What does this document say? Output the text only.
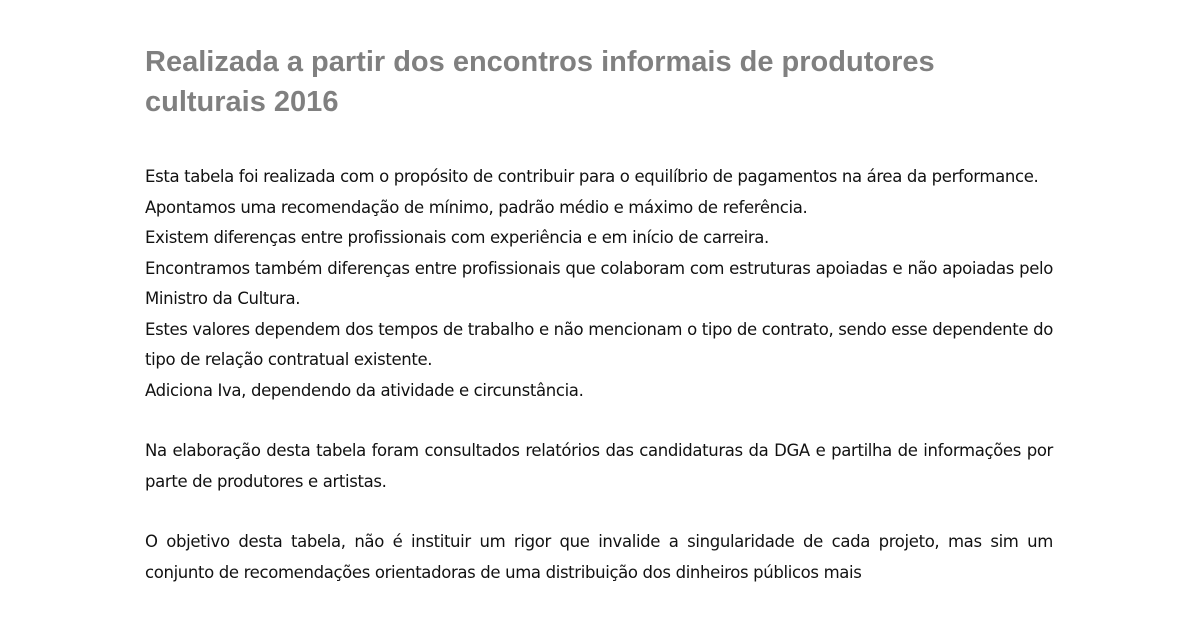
Realizada a partir dos encontros informais de produtores culturais 2016

Esta tabela foi realizada com o propósito de contribuir para o equilíbrio de pagamentos na área da performance.

Apontamos uma recomendação de mínimo, padrão médio e máximo de referência.

Existem diferenças entre profissionais com experiência e em início de carreira.

Encontramos também diferenças entre profissionais que colaboram com estruturas apoiadas e não apoiadas pelo Ministro da Cultura.

Estes valores dependem dos tempos de trabalho e não mencionam o tipo de contrato, sendo esse dependente do tipo de relação contratual existente.

Adiciona Iva, dependendo da atividade e circunstância.

Na elaboração desta tabela foram consultados relatórios das candidaturas da DGA e partilha de informações por parte de produtores e artistas.

O objetivo desta tabela, não é instituir um rigor que invalide a singularidade de cada projeto, mas sim um conjunto de recomendações orientadoras de uma distribuição dos dinheiros públicos mais
